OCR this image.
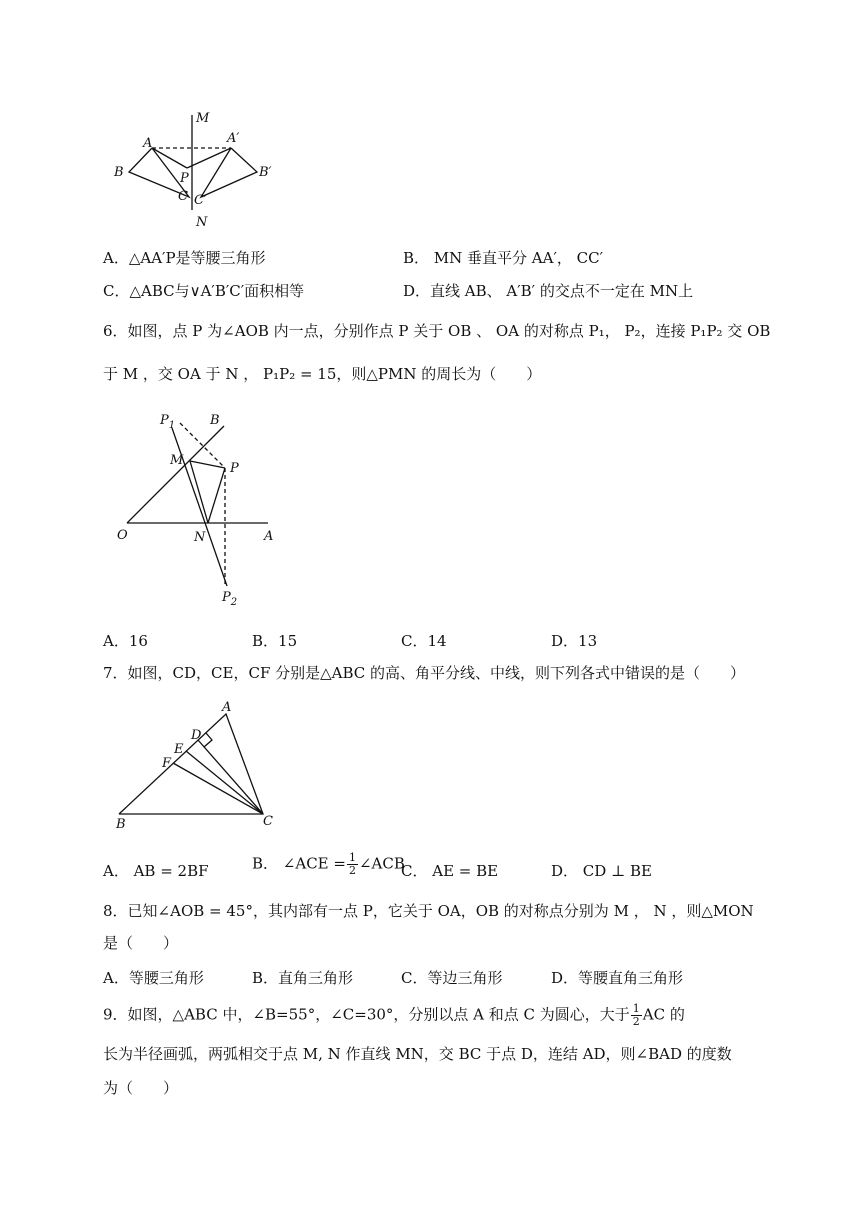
M
A	A′
B	B′
P
C C′
N
A．△AA′P是等腰三角形	B． MN 垂直平分 AA′， CC′
C．△ABC与∨A′B′C′面积相等	D．直线 AB、 A′B′ 的交点不一定在 MN上
6．如图，点 P 为∠AOB 内一点，分别作点 P 关于 OB 、 OA 的对称点 P₁， P₂，连接 P₁P₂ 交 OB
于 M ，交 OA 于 N ， P₁P₂ = 15，则△PMN 的周长为（　　）
$P_1$	B
M
P
O	N	A
$P_2$
A．16	B．15	C．14	D．13
7．如图，CD，CE，CF 分别是△ABC 的高、角平分线、中线，则下列各式中错误的是（　　）
A
D
E
F
B	C
A． AB = 2BF	B． ∠ACE = $\frac{1}{2}$ ∠ACB
C． AE = BE	D． CD ⊥ BE
8．已知∠AOB = 45°，其内部有一点 P，它关于 OA，OB 的对称点分别为 M ， N ，则△MON
是（　　）
A．等腰三角形	B．直角三角形	C．等边三角形	D．等腰直角三角形
9．如图，△ABC 中，∠B=55°，∠C=30°，分别以点 A 和点 C 为圆心，大于 $\frac{1}{2}$ AC 的
长为半径画弧，两弧相交于点 M, N 作直线 MN，交 BC 于点 D，连结 AD，则∠BAD 的度数
为（　　）
